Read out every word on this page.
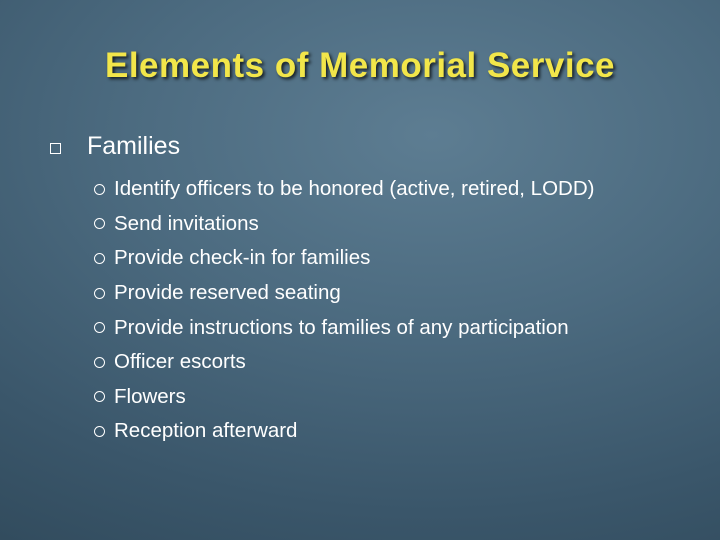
Elements of Memorial Service
Families
Identify officers to be honored (active, retired, LODD)
Send invitations
Provide check-in for families
Provide reserved seating
Provide instructions to families of any participation
Officer escorts
Flowers
Reception afterward
